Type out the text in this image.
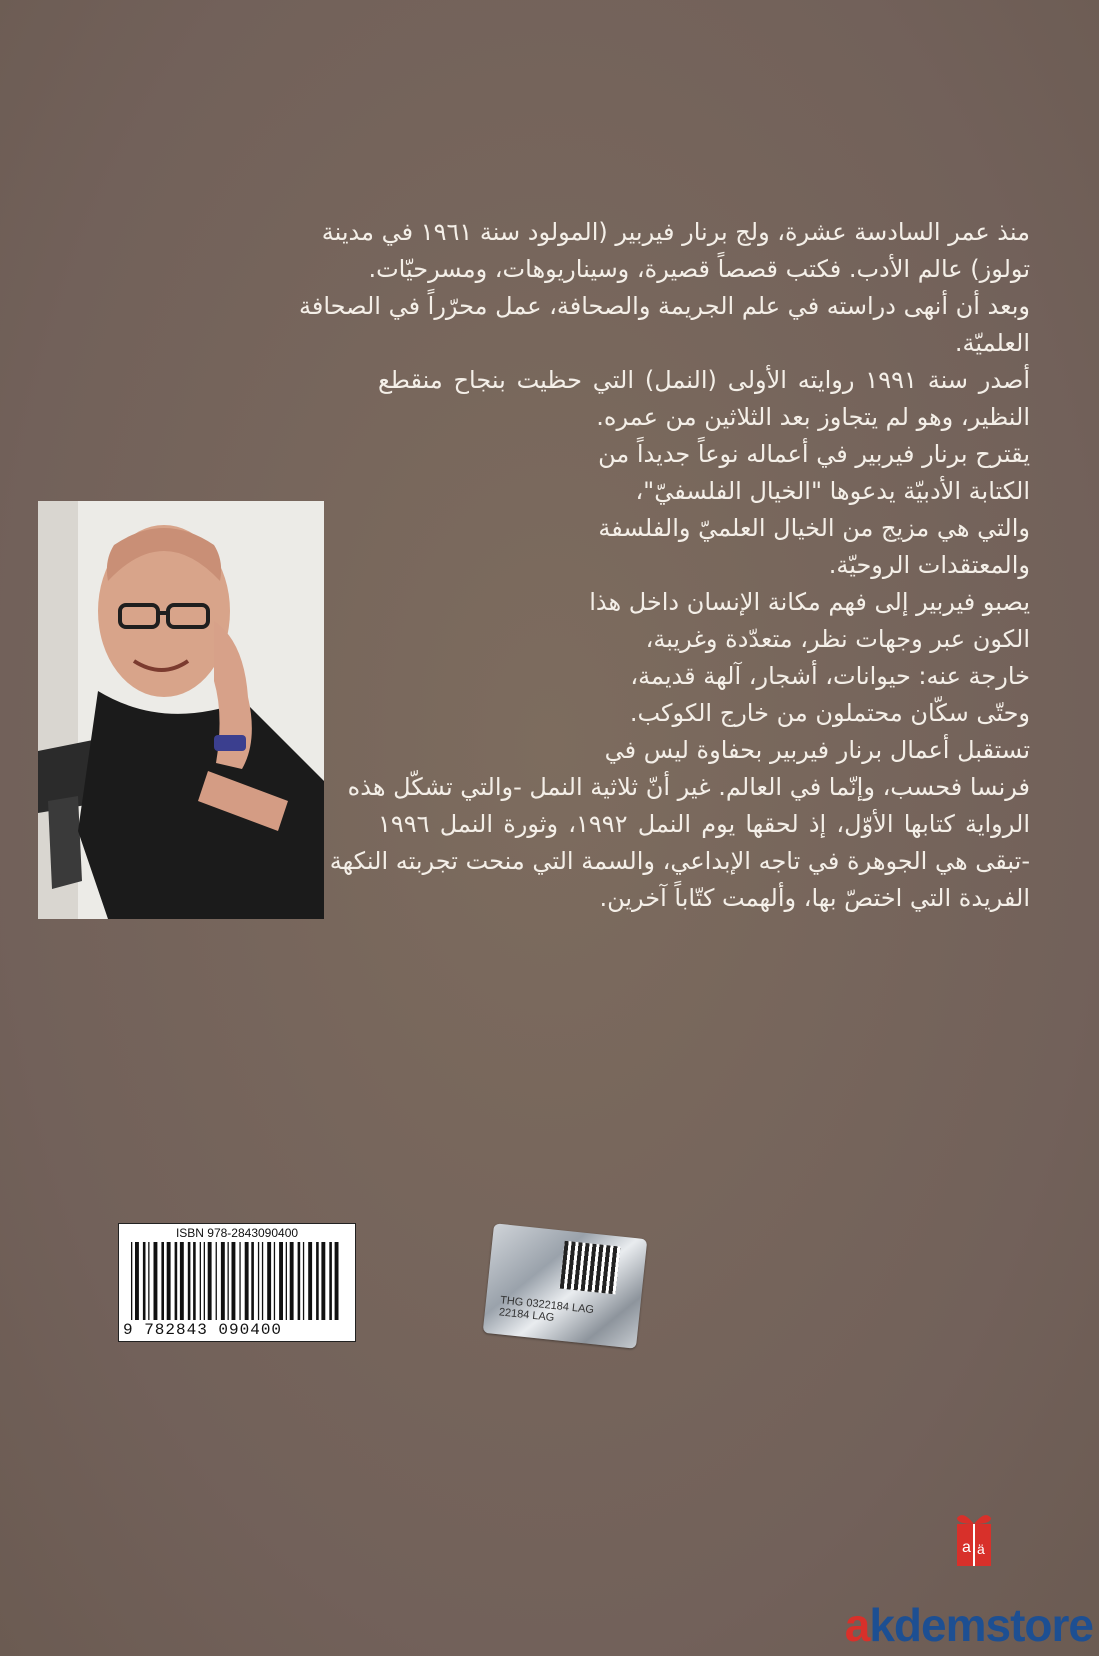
منذ عمر السادسة عشرة، ولج برنار فيربير (المولود سنة ١٩٦١ في مدينة
تولوز) عالم الأدب. فكتب قصصاً قصيرة، وسيناريوهات، ومسرحيّات.
وبعد أن أنهى دراسته في علم الجريمة والصحافة، عمل محرّراً في الصحافة
العلميّة.
أصدر سنة ١٩٩١ روايته الأولى (النمل) التي حظيت بنجاح منقطع
النظير، وهو لم يتجاوز بعد الثلاثين من عمره.
يقترح برنار فيربير في أعماله نوعاً جديداً من
الكتابة الأدبيّة يدعوها "الخيال الفلسفيّ"،
والتي هي مزيج من الخيال العلميّ والفلسفة
والمعتقدات الروحيّة.
يصبو فيربير إلى فهم مكانة الإنسان داخل هذا
الكون عبر وجهات نظر، متعدّدة وغريبة،
خارجة عنه: حيوانات، أشجار، آلهة قديمة،
وحتّى سكّان محتملون من خارج الكوكب.
تستقبل أعمال برنار فيربير بحفاوة ليس في
فرنسا فحسب، وإنّما في العالم. غير أنّ ثلاثية النمل -والتي تشكّل هذه
الرواية كتابها الأوّل، إذ لحقها يوم النمل ١٩٩٢، وثورة النمل ١٩٩٦
-تبقى هي الجوهرة في تاجه الإبداعي، والسمة التي منحت تجربته النكهة
الفريدة التي اختصّ بها، وألهمت كتّاباً آخرين.
ISBN 978-2843090400
9 782843 090400
THG 0322184 LAG
22184 LAG
a ä
akdemstore
